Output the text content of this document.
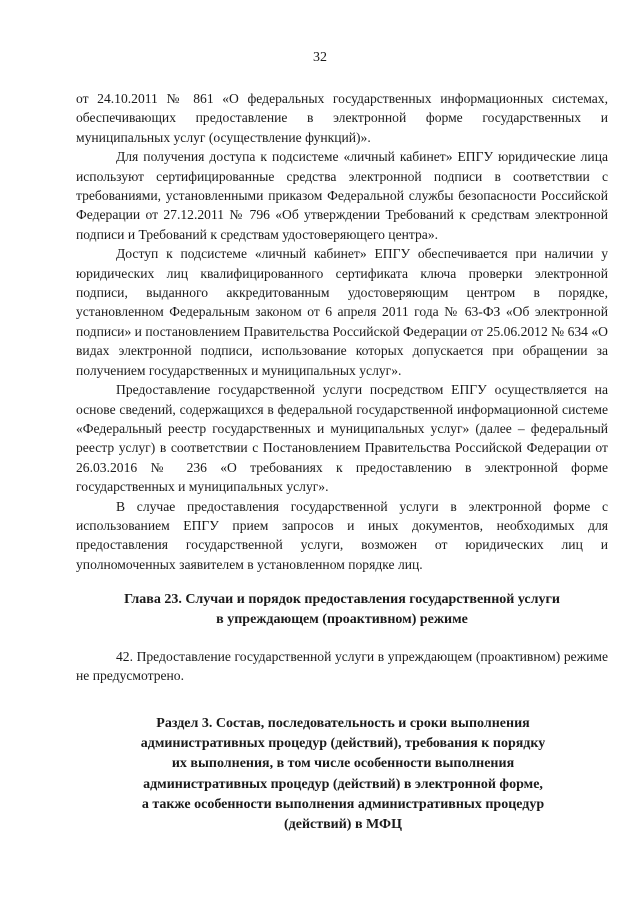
32

от 24.10.2011 № 861 «О федеральных государственных информационных системах, обеспечивающих предоставление в электронной форме государственных и муниципальных услуг (осуществление функций)».

Для получения доступа к подсистеме «личный кабинет» ЕПГУ юридические лица используют сертифицированные средства электронной подписи в соответствии с требованиями, установленными приказом Федеральной службы безопасности Российской Федерации от 27.12.2011 № 796 «Об утверждении Требований к средствам электронной подписи и Требований к средствам удостоверяющего центра».

Доступ к подсистеме «личный кабинет» ЕПГУ обеспечивается при наличии у юридических лиц квалифицированного сертификата ключа проверки электронной подписи, выданного аккредитованным удостоверяющим центром в порядке, установленном Федеральным законом от 6 апреля 2011 года № 63-ФЗ «Об электронной подписи» и постановлением Правительства Российской Федерации от 25.06.2012 № 634 «О видах электронной подписи, использование которых допускается при обращении за получением государственных и муниципальных услуг».

Предоставление государственной услуги посредством ЕПГУ осуществляется на основе сведений, содержащихся в федеральной государственной информационной системе «Федеральный реестр государственных и муниципальных услуг» (далее – федеральный реестр услуг) в соответствии с Постановлением Правительства Российской Федерации от 26.03.2016 № 236 «О требованиях к предоставлению в электронной форме государственных и муниципальных услуг».

В случае предоставления государственной услуги в электронной форме с использованием ЕПГУ прием запросов и иных документов, необходимых для предоставления государственной услуги, возможен от юридических лиц и уполномоченных заявителем в установленном порядке лиц.

Глава 23. Случаи и порядок предоставления государственной услуги
в упреждающем (проактивном) режиме

42. Предоставление государственной услуги в упреждающем (проактивном) режиме не предусмотрено.

Раздел 3. Состав, последовательность и сроки выполнения
административных процедур (действий), требования к порядку
их выполнения, в том числе особенности выполнения
административных процедур (действий) в электронной форме,
а также особенности выполнения административных процедур
(действий) в МФЦ
